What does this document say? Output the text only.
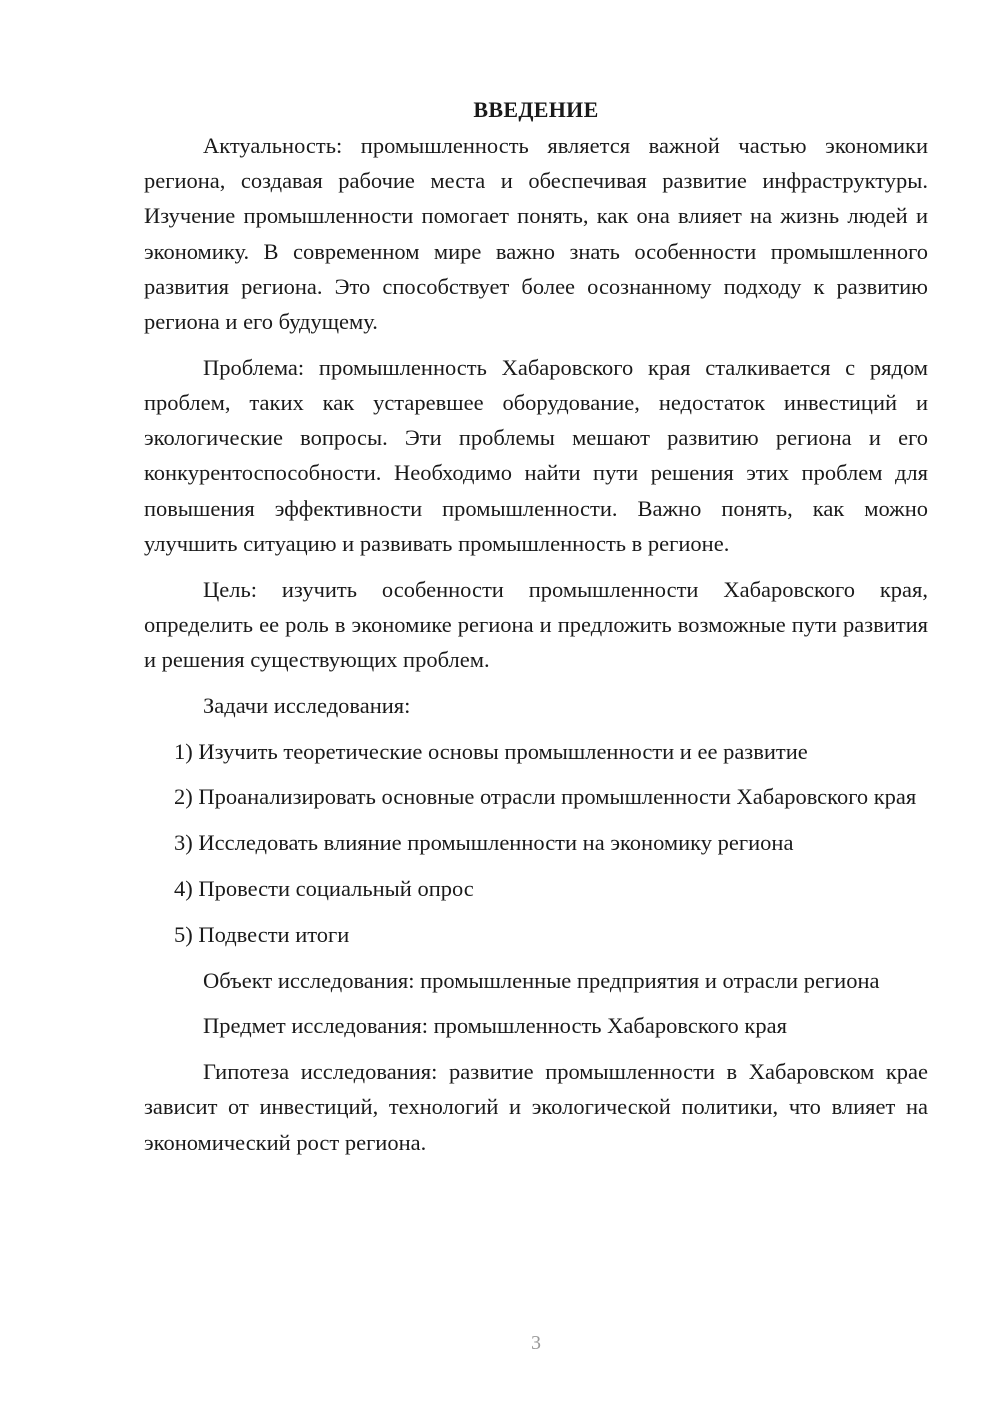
ВВЕДЕНИЕ

Актуальность: промышленность является важной частью экономики региона, создавая рабочие места и обеспечивая развитие инфраструктуры. Изучение промышленности помогает понять, как она влияет на жизнь людей и экономику. В современном мире важно знать особенности промышленного развития региона. Это способствует более осознанному подходу к развитию региона и его будущему.

Проблема: промышленность Хабаровского края сталкивается с рядом проблем, таких как устаревшее оборудование, недостаток инвестиций и экологические вопросы. Эти проблемы мешают развитию региона и его конкурентоспособности. Необходимо найти пути решения этих проблем для повышения эффективности промышленности. Важно понять, как можно улучшить ситуацию и развивать промышленность в регионе.

Цель: изучить особенности промышленности Хабаровского края, определить ее роль в экономике региона и предложить возможные пути развития и решения существующих проблем.

Задачи исследования:

1) Изучить теоретические основы промышленности и ее развитие

2) Проанализировать основные отрасли промышленности Хабаровского края

3) Исследовать влияние промышленности на экономику региона

4) Провести социальный опрос

5) Подвести итоги

Объект исследования: промышленные предприятия и отрасли региона

Предмет исследования: промышленность Хабаровского края

Гипотеза исследования: развитие промышленности в Хабаровском крае зависит от инвестиций, технологий и экологической политики, что влияет на экономический рост региона.

3
